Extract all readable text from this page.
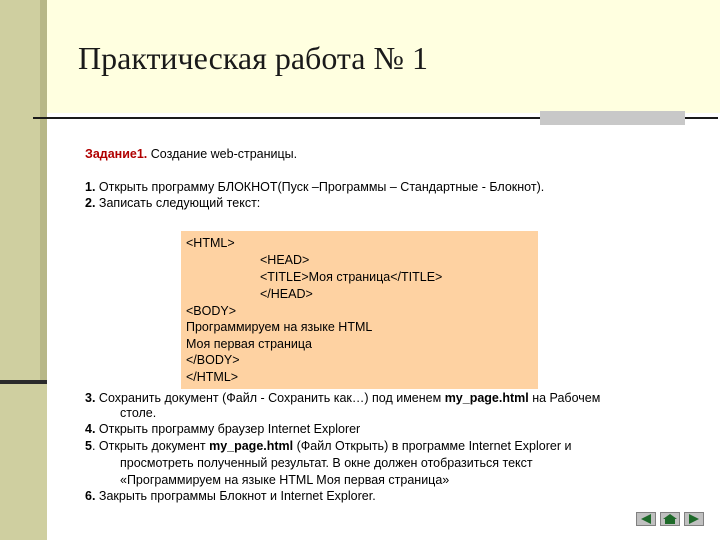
Практическая работа № 1
Задание1. Создание web-страницы.
1. Открыть программу БЛОКНОТ(Пуск –Программы – Стандартные - Блокнот).
2. Записать следующий текст:
<HTML>
<HEAD>
<TITLE>Моя страница</TITLE>
</HEAD>
<BODY>
Программируем на языке HTML
Моя первая страница
</BODY>
</HTML>
3. Сохранить документ (Файл - Сохранить как…) под именем my_page.html на Рабочем
столе.
4. Открыть программу браузер Internet Explorer
5. Открыть документ my_page.html (Файл Открыть) в программе Internet Explorer и
просмотреть полученный результат. В окне должен отобразиться текст
«Программируем на языке HTML Моя первая страница»
6. Закрыть программы Блокнот и Internet Explorer.
